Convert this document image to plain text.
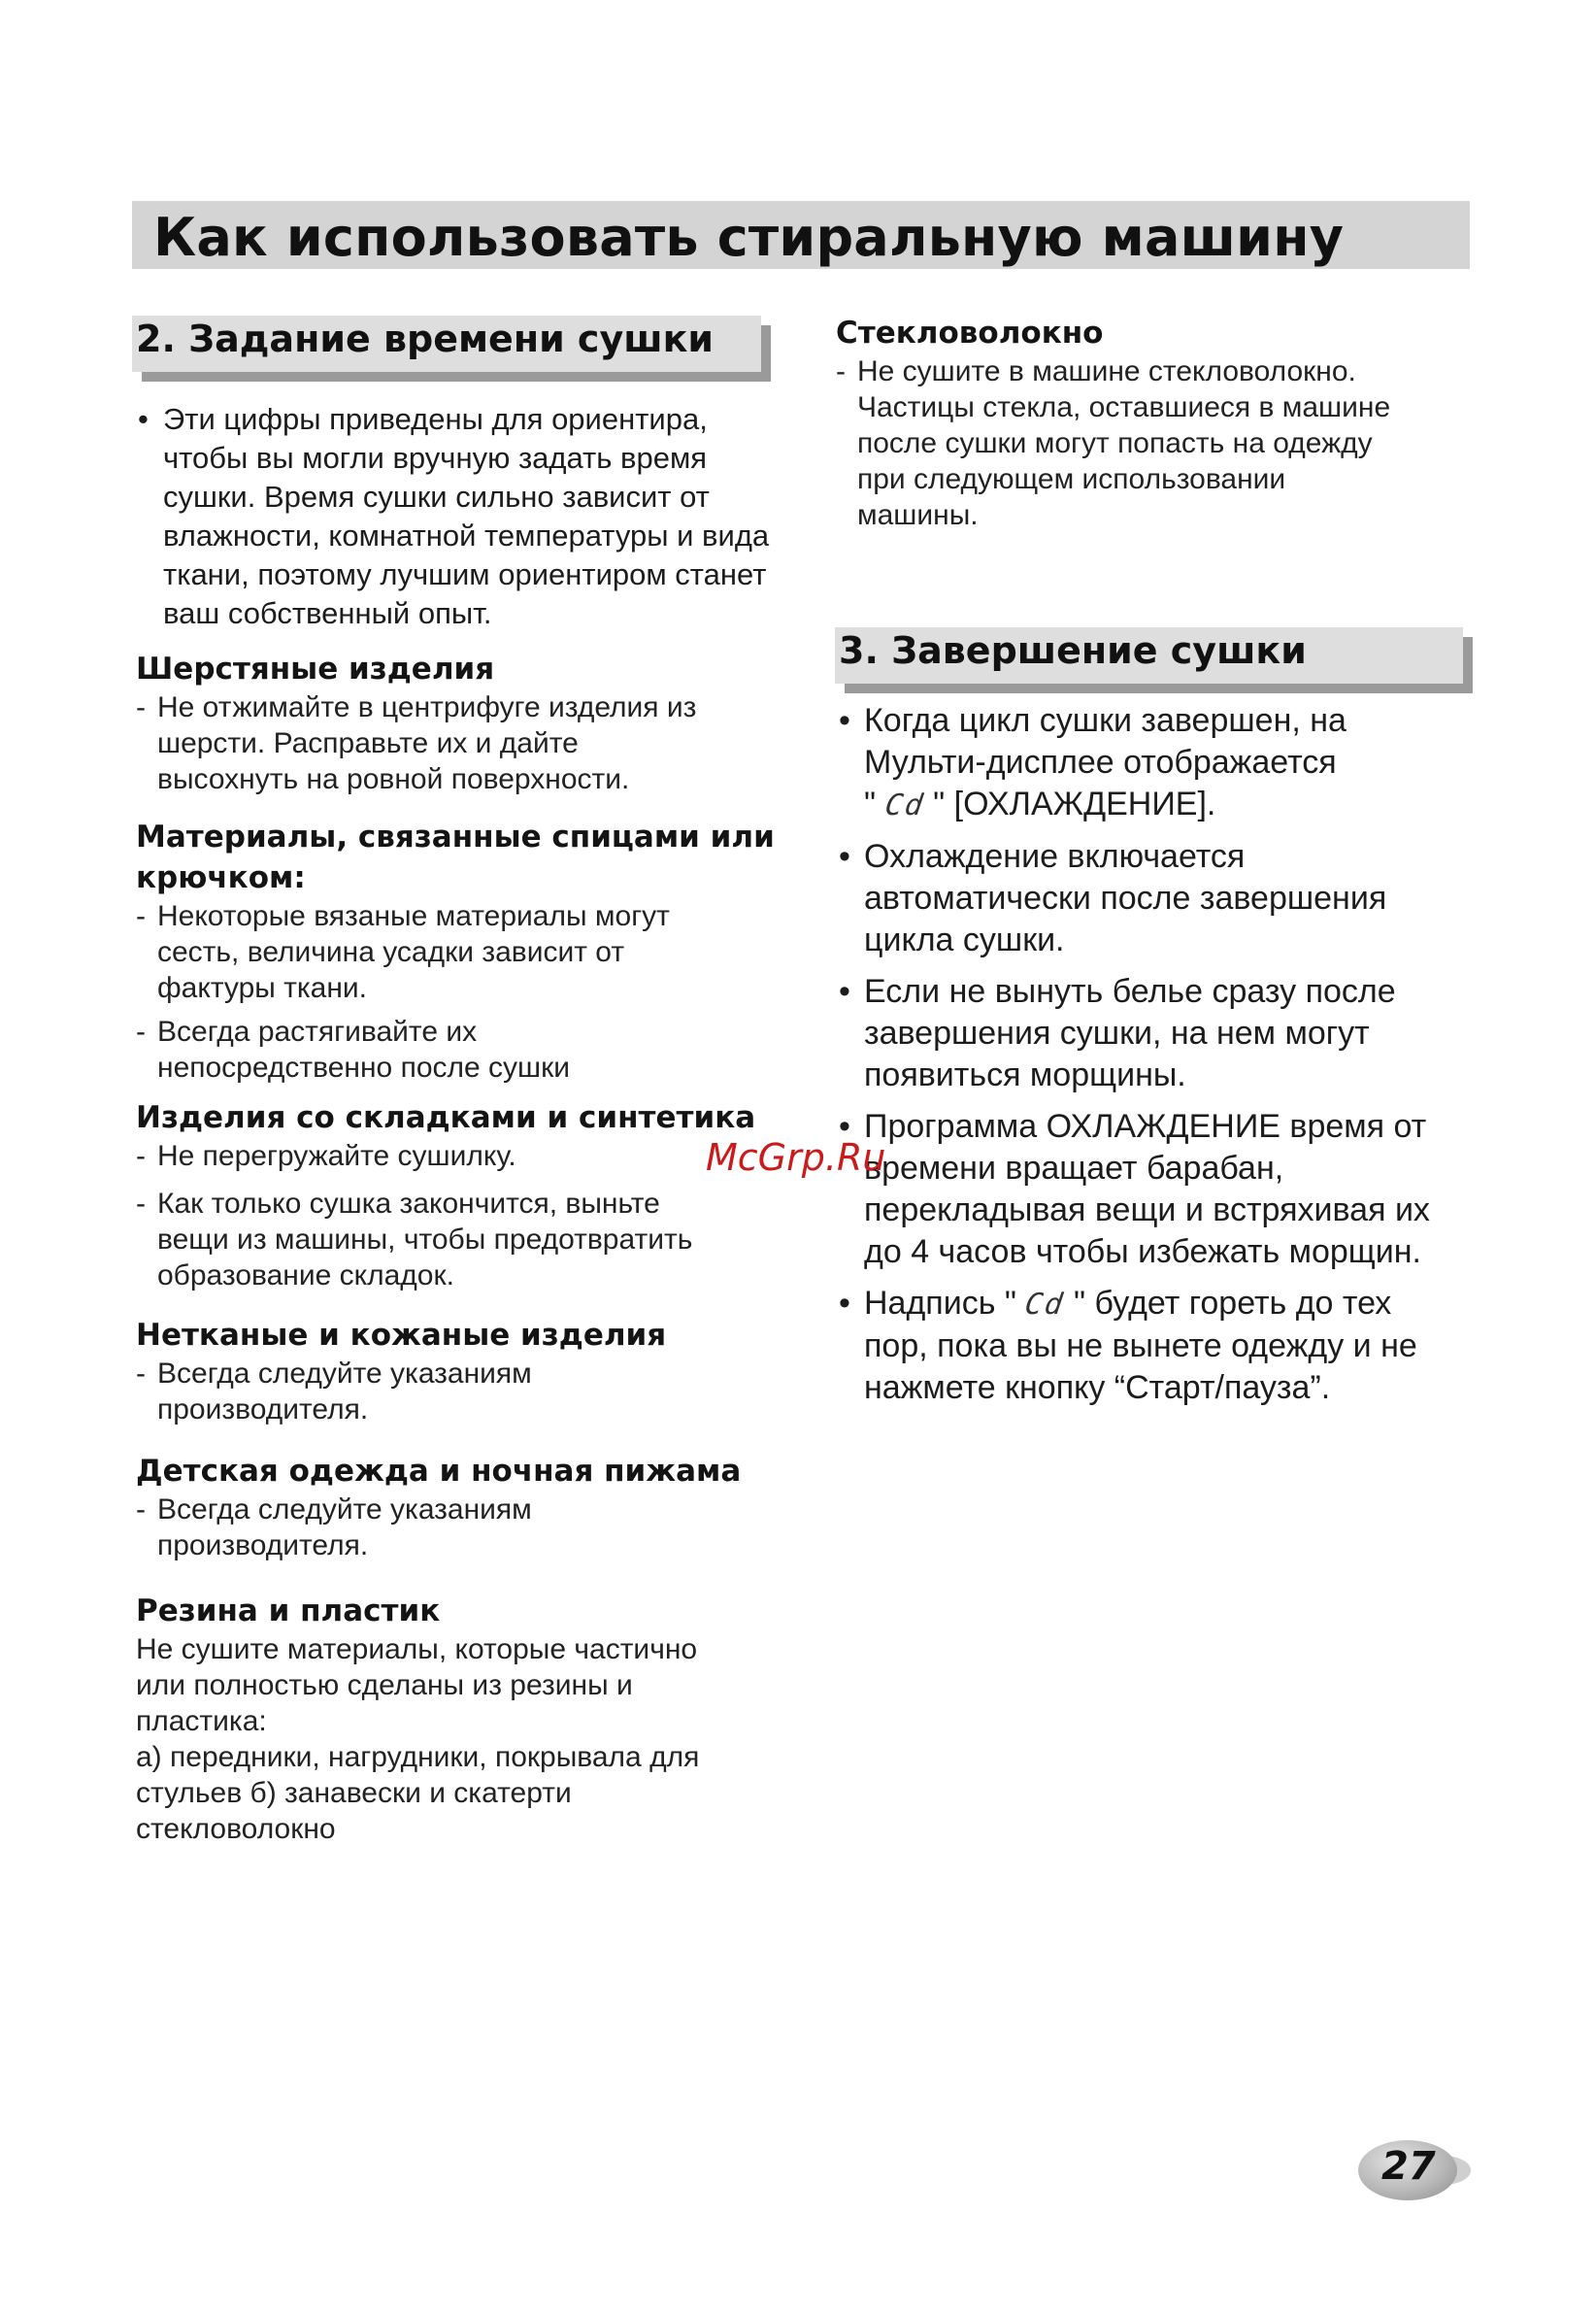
Как использовать стиральную машину
2. Задание времени сушки
• Эти цифры приведены для ориентира,
чтобы вы могли вручную задать время
сушки. Время сушки сильно зависит от
влажности, комнатной температуры и вида
ткани, поэтому лучшим ориентиром станет
ваш собственный опыт.

Шерстяные изделия

- Не отжимайте в центрифуге изделия из
шерсти. Расправьте их и дайте
высохнуть на ровной поверхности.

Материалы, связанные спицами или

крючком:

- Некоторые вязаные материалы могут
сесть, величина усадки зависит от
фактуры ткани.
- Всегда растягивайте их
непосредственно после сушки

Изделия со складками и синтетика

- Не перегружайте сушилку.
- Как только сушка закончится, выньте
вещи из машины, чтобы предотвратить
образование складок.

Нетканые и кожаные изделия

- Всегда следуйте указаниям
производителя.

Детская одежда и ночная пижама

- Всегда следуйте указаниям
производителя.

Резина и пластик

Не сушите материалы, которые частично

или полностью сделаны из резины и

пластика:

а) передники, нагрудники, покрывала для

стульев б) занавески и скатерти

стекловолокно

Стекловолокно

- Не сушите в машине стекловолокно.
Частицы стекла, оставшиеся в машине
после сушки могут попасть на одежду
при следующем использовании
машины.
3. Завершение сушки
• Когда цикл сушки завершен, на
Мульти-дисплее отображается
" Cd " [ОХЛАЖДЕНИЕ].
• Охлаждение включается
автоматически после завершения
цикла сушки.
• Если не вынуть белье сразу после
завершения сушки, на нем могут
появиться морщины.
• Программа ОХЛАЖДЕНИЕ время от
времени вращает барабан,
перекладывая вещи и встряхивая их
до 4 часов чтобы избежать морщин.
• Надпись " Cd " будет гореть до тех
пор, пока вы не вынете одежду и не
нажмете кнопку “Старт/пауза”.
McGrp.Ru
27
